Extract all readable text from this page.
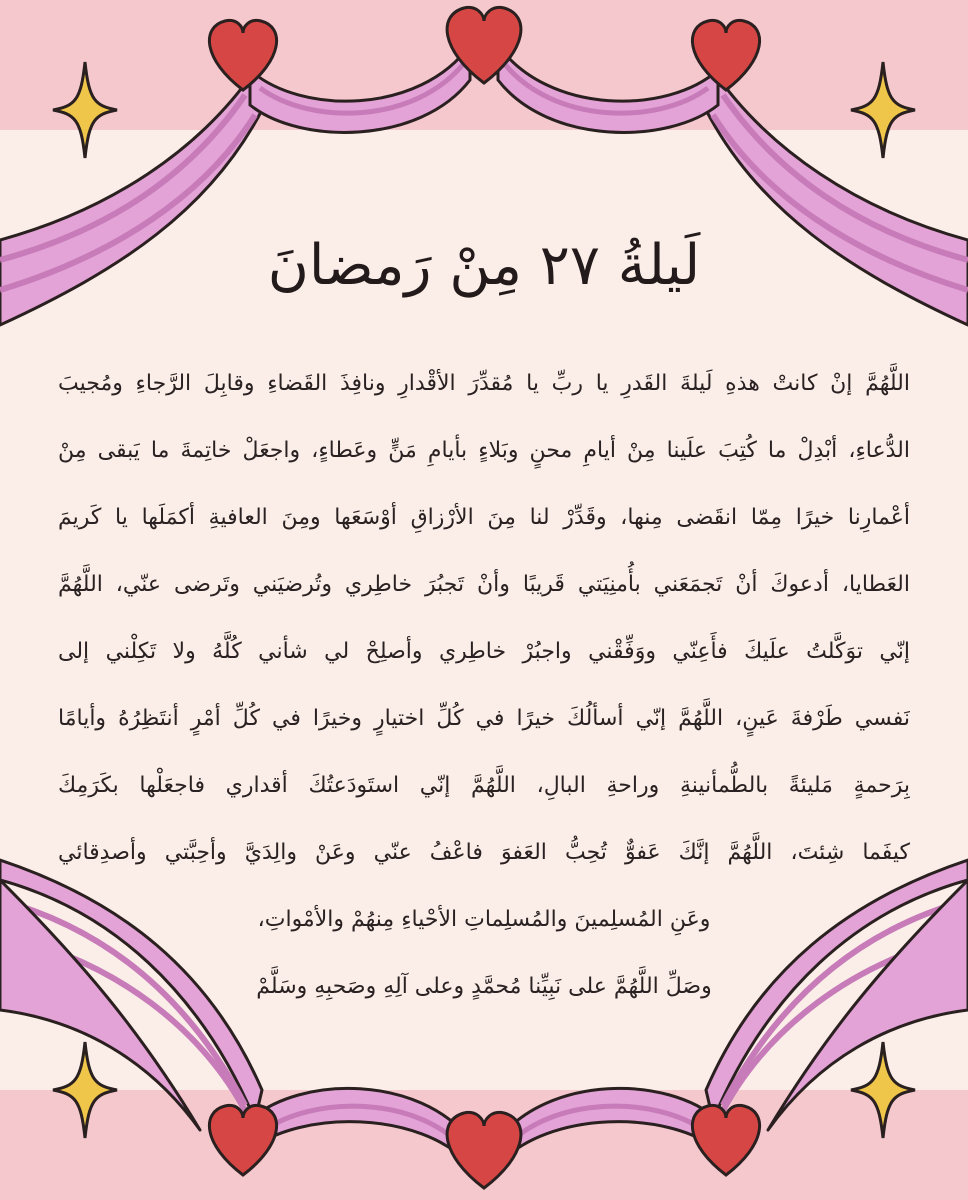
لَيلةُ ٢٧ مِنْ رَمضانَ
اللَّهُمَّ إنْ كانتْ هذهِ لَيلةَ القَدرِ يا ربِّ يا مُقدِّرَ الأقْدارِ ونافِذَ القَضاءِ وقابِلَ الرَّجاءِ ومُجيبَ
الدُّعاءِ، أبْدِلْ ما كُتِبَ علَينا مِنْ أيامِ محنٍ وبَلاءٍ بأيامِ مَنٍّ وعَطاءٍ، واجعَلْ خاتِمةَ ما يَبقى مِنْ
أعْمارِنا خيرًا مِمّا انقَضى مِنها، وقَدِّرْ لنا مِنَ الأرْزاقِ أوْسَعَها ومِنَ العافيةِ أكمَلَها يا كَريمَ
العَطايا، أدعوكَ أنْ تَجمَعَني بأُمنِيَتي قَريبًا وأنْ تَجبُرَ خاطِري وتُرضيَني وتَرضى عنّي، اللَّهُمَّ
إنّي توَكَّلتُ علَيكَ فأَعِنّي ووَفِّقْني واجبُرْ خاطِري وأصلِحْ لي شأني كُلَّهُ ولا تَكِلْني إلى
نَفسي طَرْفةَ عَينٍ، اللَّهُمَّ إنّي أسألُكَ خيرًا في كُلِّ اختيارٍ وخيرًا في كُلِّ أمْرٍ أنتَظِرُهُ وأيامًا
بِرَحمةٍ مَليئةً بالطُّمأنينةِ وراحةِ البالِ، اللَّهُمَّ إنّي استَودَعتُكَ أقداري فاجعَلْها بكَرَمِكَ
كيفَما شِئتَ، اللَّهُمَّ إنَّكَ عَفوٌّ تُحِبُّ العَفوَ فاعْفُ عنّي وعَنْ والِدَيَّ وأحِبَّتي وأصدِقائي
وعَنِ المُسلِمينَ والمُسلِماتِ الأحْياءِ مِنهُمْ والأمْواتِ،
وصَلِّ اللَّهُمَّ على نَبِيِّنا مُحمَّدٍ وعلى آلِهِ وصَحبِهِ وسَلَّمْ
